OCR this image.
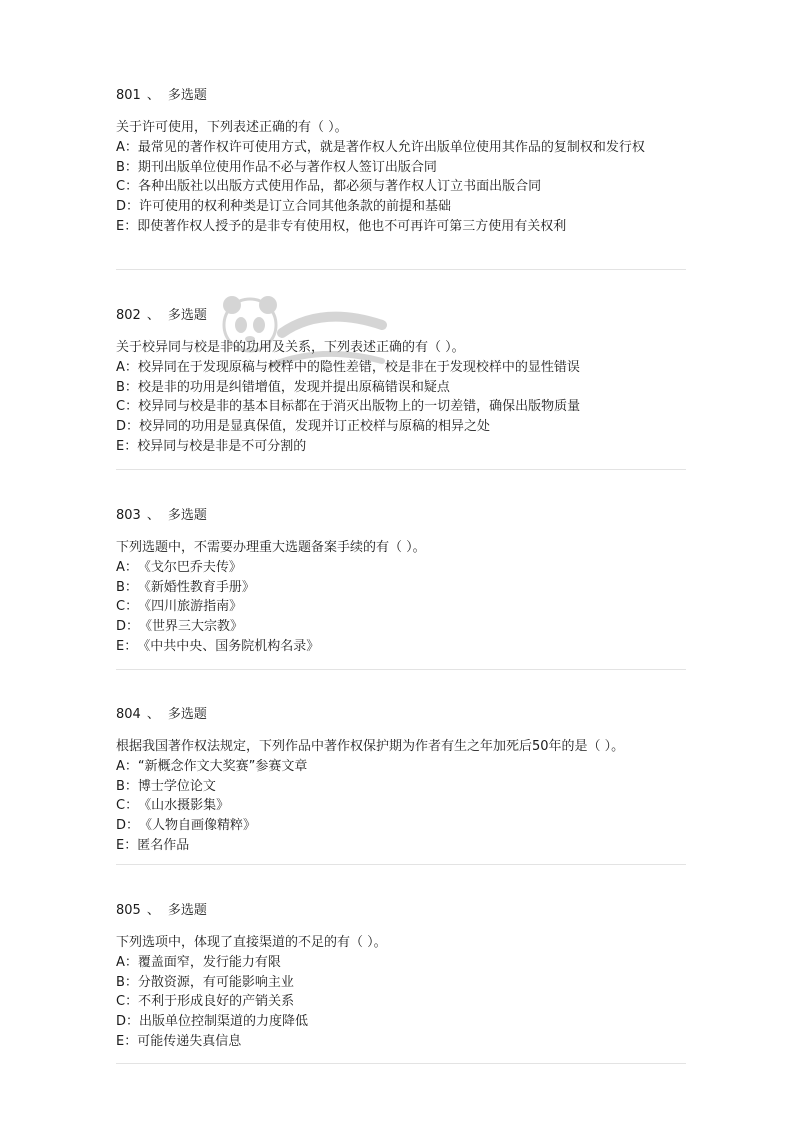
801 、 多选题
关于许可使用，下列表述正确的有（ ）。
A： 最常见的著作权许可使用方式，就是著作权人允许出版单位使用其作品的复制权和发行权
B： 期刊出版单位使用作品不必与著作权人签订出版合同
C： 各种出版社以出版方式使用作品，都必须与著作权人订立书面出版合同
D： 许可使用的权利种类是订立合同其他条款的前提和基础
E： 即使著作权人授予的是非专有使用权，他也不可再许可第三方使用有关权利
802 、 多选题
关于校异同与校是非的功用及关系，下列表述正确的有（ ）。
A： 校异同在于发现原稿与校样中的隐性差错，校是非在于发现校样中的显性错误
B： 校是非的功用是纠错增值，发现并提出原稿错误和疑点
C： 校异同与校是非的基本目标都在于消灭出版物上的一切差错，确保出版物质量
D： 校异同的功用是显真保值，发现并订正校样与原稿的相异之处
E： 校异同与校是非是不可分割的
803 、 多选题
下列选题中，不需要办理重大选题备案手续的有（ ）。
A： 《戈尔巴乔夫传》
B： 《新婚性教育手册》
C： 《四川旅游指南》
D： 《世界三大宗教》
E： 《中共中央、国务院机构名录》
804 、 多选题
根据我国著作权法规定，下列作品中著作权保护期为作者有生之年加死后50年的是（ ）。
A： “新概念作文大奖赛”参赛文章
B： 博士学位论文
C： 《山水摄影集》
D： 《人物自画像精粹》
E： 匿名作品
805 、 多选题
下列选项中，体现了直接渠道的不足的有（ ）。
A： 覆盖面窄，发行能力有限
B： 分散资源，有可能影响主业
C： 不利于形成良好的产销关系
D： 出版单位控制渠道的力度降低
E： 可能传递失真信息
